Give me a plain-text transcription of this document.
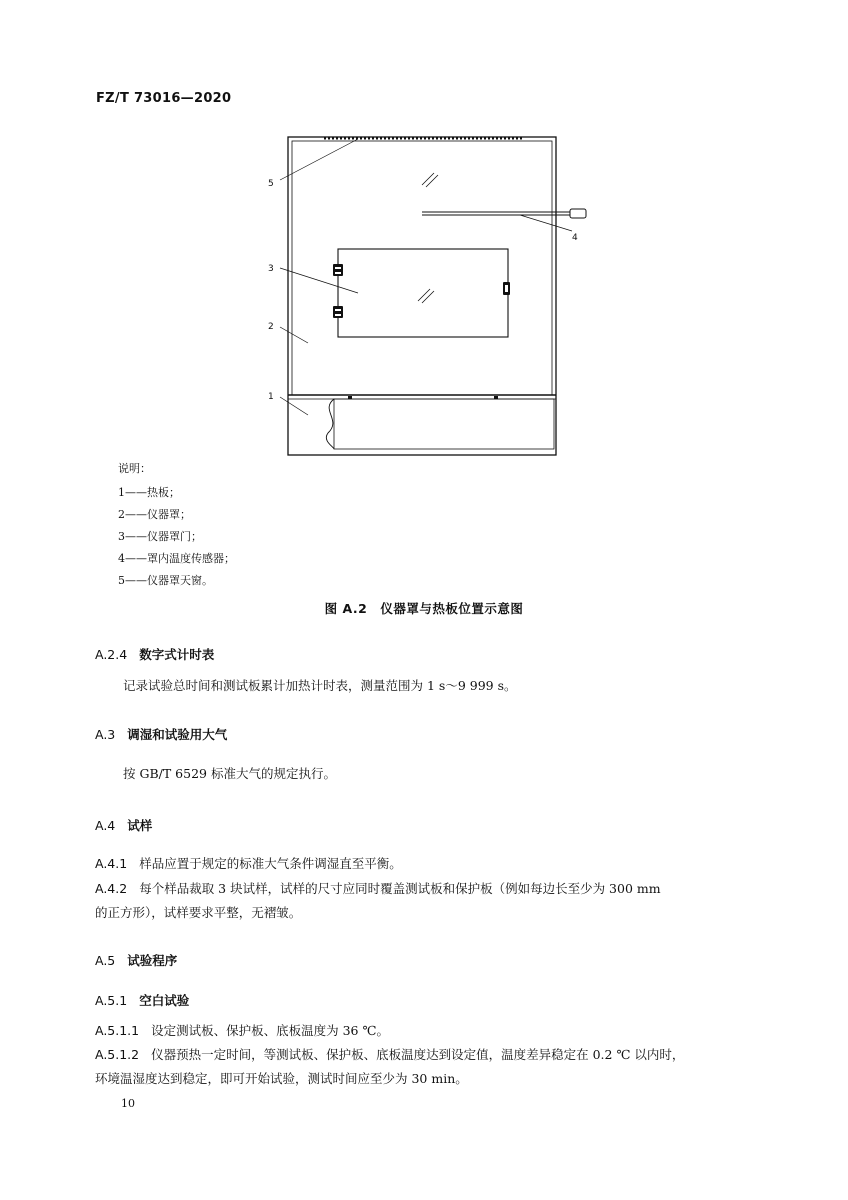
FZ/T 73016—2020
5
4
3
2
1
说明：
1——热板；
2——仪器罩；
3——仪器罩门；
4——罩内温度传感器；
5——仪器罩天窗。
图 A.2　仪器罩与热板位置示意图
A.2.4 数字式计时表
记录试验总时间和测试板累计加热计时表，测量范围为 1 s～9 999 s。
A.3 调湿和试验用大气
按 GB/T 6529 标准大气的规定执行。
A.4 试样
A.4.1 样品应置于规定的标准大气条件调湿直至平衡。
A.4.2 每个样品裁取 3 块试样，试样的尺寸应同时覆盖测试板和保护板（例如每边长至少为 300 mm
的正方形），试样要求平整，无褶皱。
A.5 试验程序
A.5.1 空白试验
A.5.1.1 设定测试板、保护板、底板温度为 36 ℃。
A.5.1.2 仪器预热一定时间，等测试板、保护板、底板温度达到设定值，温度差异稳定在 0.2 ℃ 以内时，
环境温湿度达到稳定，即可开始试验，测试时间应至少为 30 min。
10
